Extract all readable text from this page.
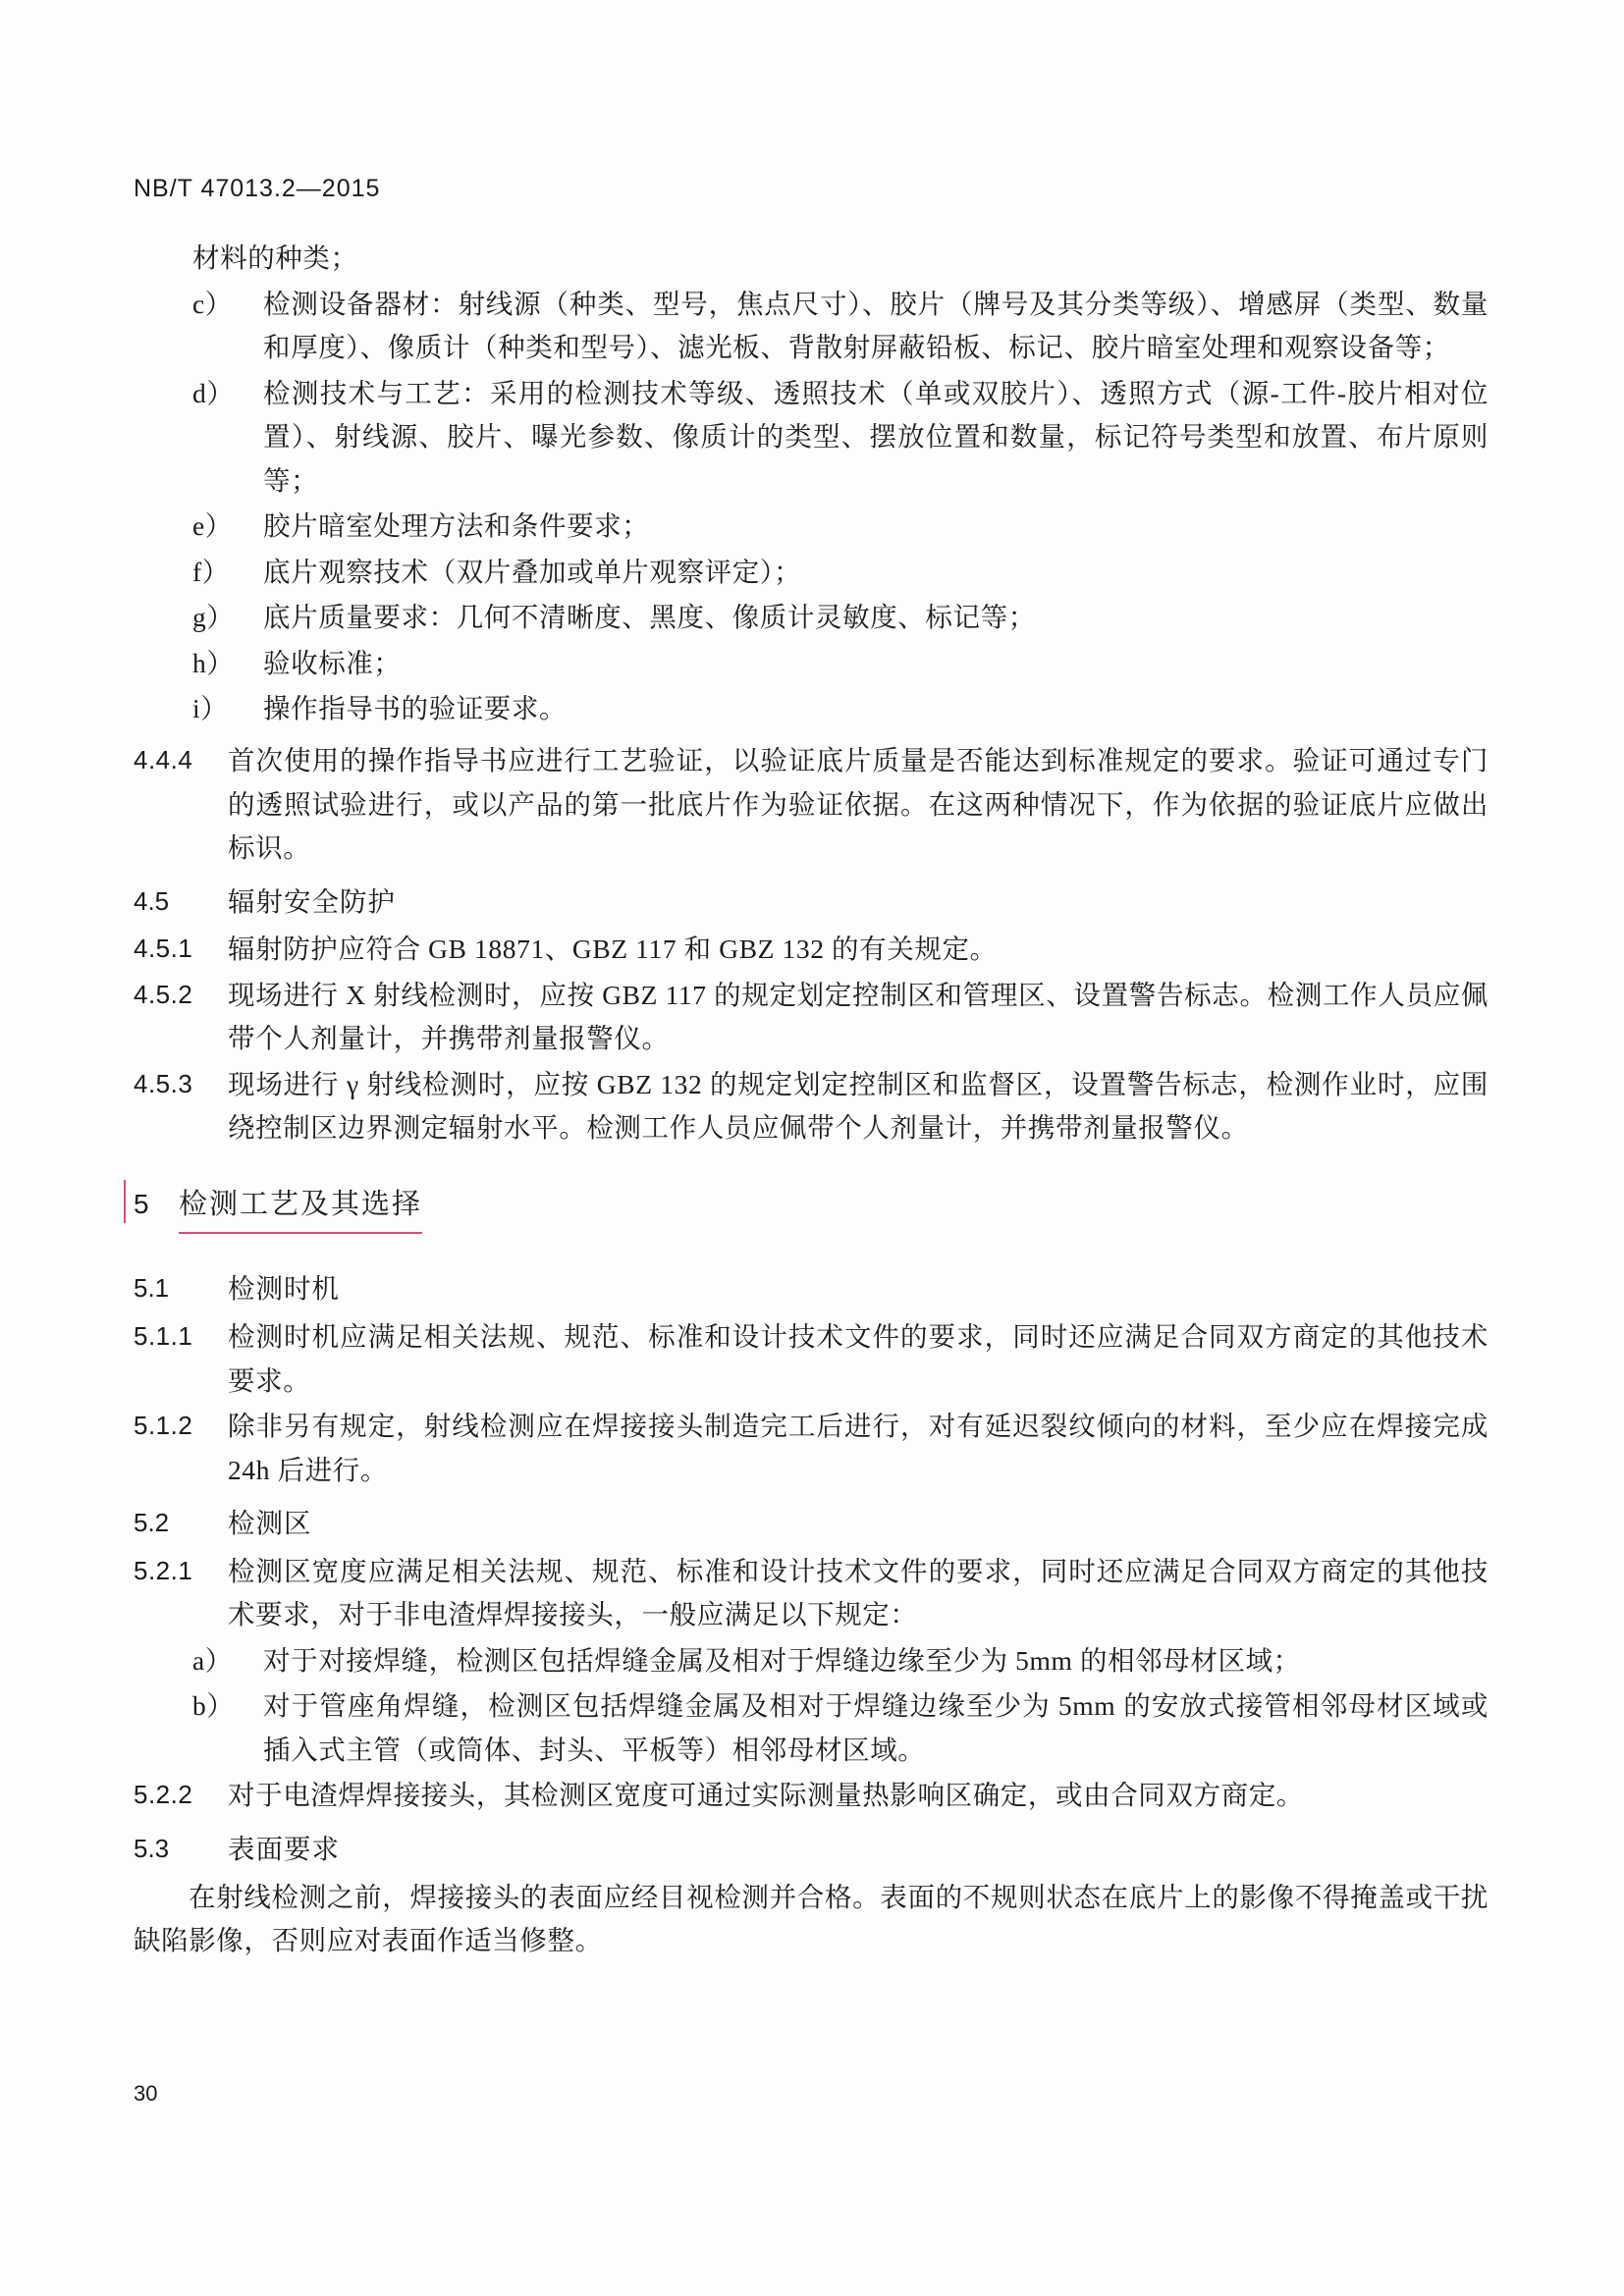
NB/T 47013.2—2015
材料的种类；
c）	检测设备器材：射线源（种类、型号，焦点尺寸）、胶片（牌号及其分类等级）、增感屏（类型、数量和厚度）、像质计（种类和型号）、滤光板、背散射屏蔽铅板、标记、胶片暗室处理和观察设备等；
d）	检测技术与工艺：采用的检测技术等级、透照技术（单或双胶片）、透照方式（源-工件-胶片相对位置）、射线源、胶片、曝光参数、像质计的类型、摆放位置和数量，标记符号类型和放置、布片原则等；
e）	胶片暗室处理方法和条件要求；
f）	底片观察技术（双片叠加或单片观察评定）；
g）	底片质量要求：几何不清晰度、黑度、像质计灵敏度、标记等；
h）	验收标准；
i）	操作指导书的验证要求。
4.4.4	首次使用的操作指导书应进行工艺验证，以验证底片质量是否能达到标准规定的要求。验证可通过专门的透照试验进行，或以产品的第一批底片作为验证依据。在这两种情况下，作为依据的验证底片应做出标识。
4.5	辐射安全防护
4.5.1	辐射防护应符合 GB 18871、GBZ 117 和 GBZ 132 的有关规定。
4.5.2	现场进行 X 射线检测时，应按 GBZ 117 的规定划定控制区和管理区、设置警告标志。检测工作人员应佩带个人剂量计，并携带剂量报警仪。
4.5.3	现场进行 γ 射线检测时，应按 GBZ 132 的规定划定控制区和监督区，设置警告标志，检测作业时，应围绕控制区边界测定辐射水平。检测工作人员应佩带个人剂量计，并携带剂量报警仪。
5	检测工艺及其选择
5.1	检测时机
5.1.1	检测时机应满足相关法规、规范、标准和设计技术文件的要求，同时还应满足合同双方商定的其他技术要求。
5.1.2	除非另有规定，射线检测应在焊接接头制造完工后进行，对有延迟裂纹倾向的材料，至少应在焊接完成 24h 后进行。
5.2	检测区
5.2.1	检测区宽度应满足相关法规、规范、标准和设计技术文件的要求，同时还应满足合同双方商定的其他技术要求，对于非电渣焊焊接接头，一般应满足以下规定：
a）	对于对接焊缝，检测区包括焊缝金属及相对于焊缝边缘至少为 5mm 的相邻母材区域；
b）	对于管座角焊缝，检测区包括焊缝金属及相对于焊缝边缘至少为 5mm 的安放式接管相邻母材区域或插入式主管（或筒体、封头、平板等）相邻母材区域。
5.2.2	对于电渣焊焊接接头，其检测区宽度可通过实际测量热影响区确定，或由合同双方商定。
5.3	表面要求
在射线检测之前，焊接接头的表面应经目视检测并合格。表面的不规则状态在底片上的影像不得掩盖或干扰缺陷影像，否则应对表面作适当修整。
30
